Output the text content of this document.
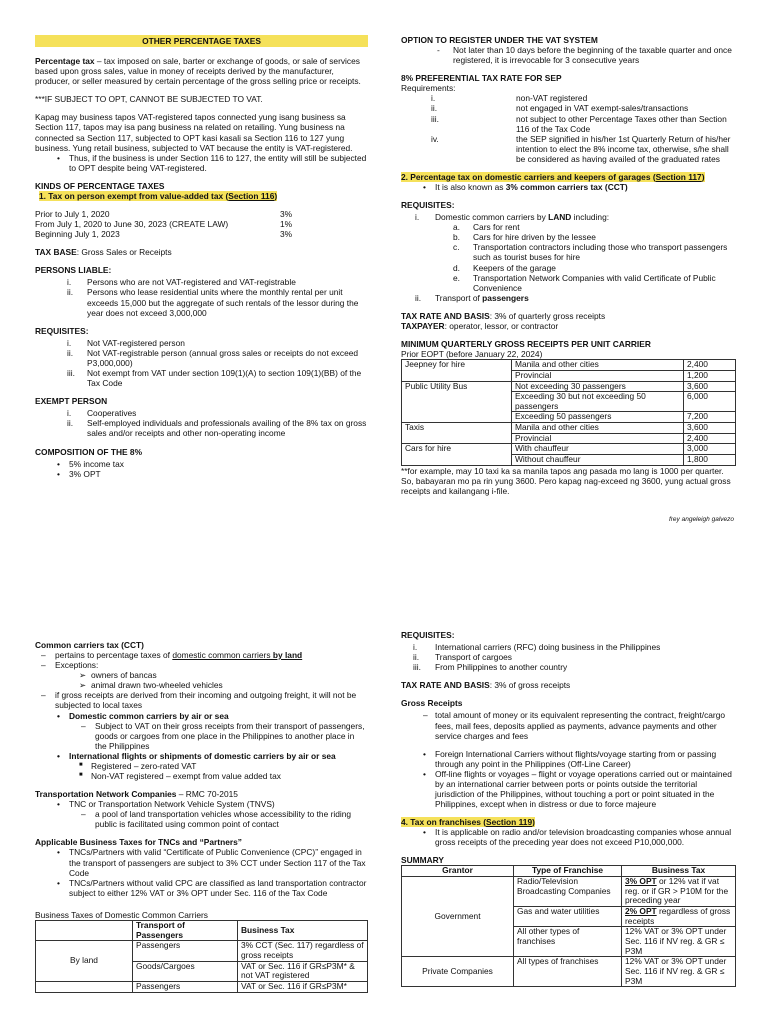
OTHER PERCENTAGE TAXES

Percentage tax – tax imposed on sale, barter or exchange of goods, or sale of services based upon gross sales, value in money of receipts derived by the manufacturer, producer, or seller measured by certain percentage of the gross selling price or receipts.

***IF SUBJECT TO OPT, CANNOT BE SUBJECTED TO VAT.

Kapag may business tapos VAT-registered tapos connected yung isang business sa Section 117, tapos may isa pang business na related on retailing. Yung business na connected sa Section 117, subjected to OPT kasi kasali sa Section 116 to 127 yung business. Yung retail business, subjected to VAT because the entity is VAT-registered.
• Thus, if the business is under Section 116 to 127, the entity will still be subjected to OPT despite being VAT-registered.
KINDS OF PERCENTAGE TAXES
1. Tax on person exempt from value-added tax (Section 116)
Prior to July 1, 2020	3%
From July 1, 2020 to June 30, 2023 (CREATE LAW)	1%
Beginning July 1, 2023	3%
TAX BASE: Gross Sales or Receipts
PERSONS LIABLE:
i. Persons who are not VAT-registered and VAT-registrable
ii. Persons who lease residential units where the monthly rental per unit exceeds 15,000 but the aggregate of such rentals of the lessor during the year does not exceed 3,000,000
REQUISITES:
i. Not VAT-registered person
ii. Not VAT-registrable person (annual gross sales or receipts do not exceed P3,000,000)
iii. Not exempt from VAT under section 109(1)(A) to section 109(1)(BB) of the Tax Code
EXEMPT PERSON
i. Cooperatives
ii. Self-employed individuals and professionals availing of the 8% tax on gross sales and/or receipts and other non-operating income
COMPOSITION OF THE 8%
• 5% income tax
• 3% OPT
OPTION TO REGISTER UNDER THE VAT SYSTEM
- Not later than 10 days before the beginning of the taxable quarter and once registered, it is irrevocable for 3 consecutive years
8% PREFERENTIAL TAX RATE FOR SEP
Requirements:
i.	non-VAT registered
ii.	not engaged in VAT exempt-sales/transactions
iii.	not subject to other Percentage Taxes other than Section 116 of the Tax Code
iv.	the SEP signified in his/her 1st Quarterly Return of his/her intention to elect the 8% income tax, otherwise, s/he shall be considered as having availed of the graduated rates
2. Percentage tax on domestic carriers and keepers of garages (Section 117)
• It is also known as 3% common carriers tax (CCT)
REQUISITES:
i. Domestic common carriers by LAND including:
a. Cars for rent
b. Cars for hire driven by the lessee
c. Transportation contractors including those who transport passengers such as tourist buses for hire
d. Keepers of the garage
e. Transportation Network Companies with valid Certificate of Public Convenience
ii. Transport of passengers
TAX RATE AND BASIS: 3% of quarterly gross receipts
TAXPAYER: operator, lessor, or contractor
MINIMUM QUARTERLY GROSS RECEIPTS PER UNIT CARRIER
Prior EOPT (before January 22, 2024)
Jeepney for hire	Manila and other cities	2,400
	Provincial	1,200
Public Utility Bus	Not exceeding 30 passengers	3,600
	Exceeding 30 but not exceeding 50 passengers	6,000
	Exceeding 50 passengers	7,200
Taxis	Manila and other cities	3,600
	Provincial	2,400
Cars for hire	With chauffeur	3,000
	Without chauffeur	1,800
**for example, may 10 taxi ka sa manila tapos ang pasada mo lang is 1000 per quarter. So, babayaran mo pa rin yung 3600. Pero kapag nag-exceed ng 3600, yung actual gross receipts and kailangang i-file.
frey angeleigh galvezo
Common carriers tax (CCT)
– pertains to percentage taxes of domestic common carriers by land
– Exceptions:
➢ owners of bancas
➢ animal drawn two-wheeled vehicles
– if gross receipts are derived from their incoming and outgoing freight, it will not be subjected to local taxes
• Domestic common carriers by air or sea
– Subject to VAT on their gross receipts from their transport of passengers, goods or cargoes from one place in the Philippines to another place in the Philippines
• International flights or shipments of domestic carriers by air or sea
■ Registered – zero-rated VAT
■ Non-VAT registered – exempt from value added tax
Transportation Network Companies – RMC 70-2015
• TNC or Transportation Network Vehicle System (TNVS)
– a pool of land transportation vehicles whose accessibility to the riding public is facilitated using common point of contact
Applicable Business Taxes for TNCs and “Partners”
• TNCs/Partners with valid “Certificate of Public Convenience (CPC)” engaged in the transport of passengers are subject to 3% CCT under Section 117 of the Tax Code
• TNCs/Partners without valid CPC are classified as land transportation contractor subject to either 12% VAT or 3% OPT under Sec. 116 of the Tax Code
Business Taxes of Domestic Common Carriers
	Transport of Passengers	Business Tax
By land	Passengers	3% CCT (Sec. 117) regardless of gross receipts
	Goods/Cargoes	VAT or Sec. 116 if GR≤P3M* & not VAT registered
	Passengers	VAT or Sec. 116 if GR≤P3M*
REQUISITES:
i. International carriers (RFC) doing business in the Philippines
ii. Transport of cargoes
iii. From Philippines to another country
TAX RATE AND BASIS: 3% of gross receipts
Gross Receipts
– total amount of money or its equivalent representing the contract, freight/cargo fees, mail fees, deposits applied as payments, advance payments and other service charges and fees
• Foreign International Carriers without flights/voyage starting from or passing through any point in the Philippines (Off-Line Career)
• Off-line flights or voyages – flight or voyage operations carried out or maintained by an international carrier between ports or points outside the territorial jurisdiction of the Philippines, without touching a port or point situated in the Philippines, except when in distress or due to force majeure
4. Tax on franchises (Section 119)
• It is applicable on radio and/or television broadcasting companies whose annual gross receipts of the preceding year does not exceed P10,000,000.
SUMMARY
Grantor	Type of Franchise	Business Tax
Government	Radio/Television Broadcasting Companies	3% OPT or 12% vat if vat reg. or if GR > P10M for the preceding year
	Gas and water utilities	2% OPT regardless of gross receipts
	All other types of franchises	12% VAT or 3% OPT under Sec. 116 if NV reg. & GR ≤ P3M
Private Companies	All types of franchises	12% VAT or 3% OPT under Sec. 116 if NV reg. & GR ≤ P3M
